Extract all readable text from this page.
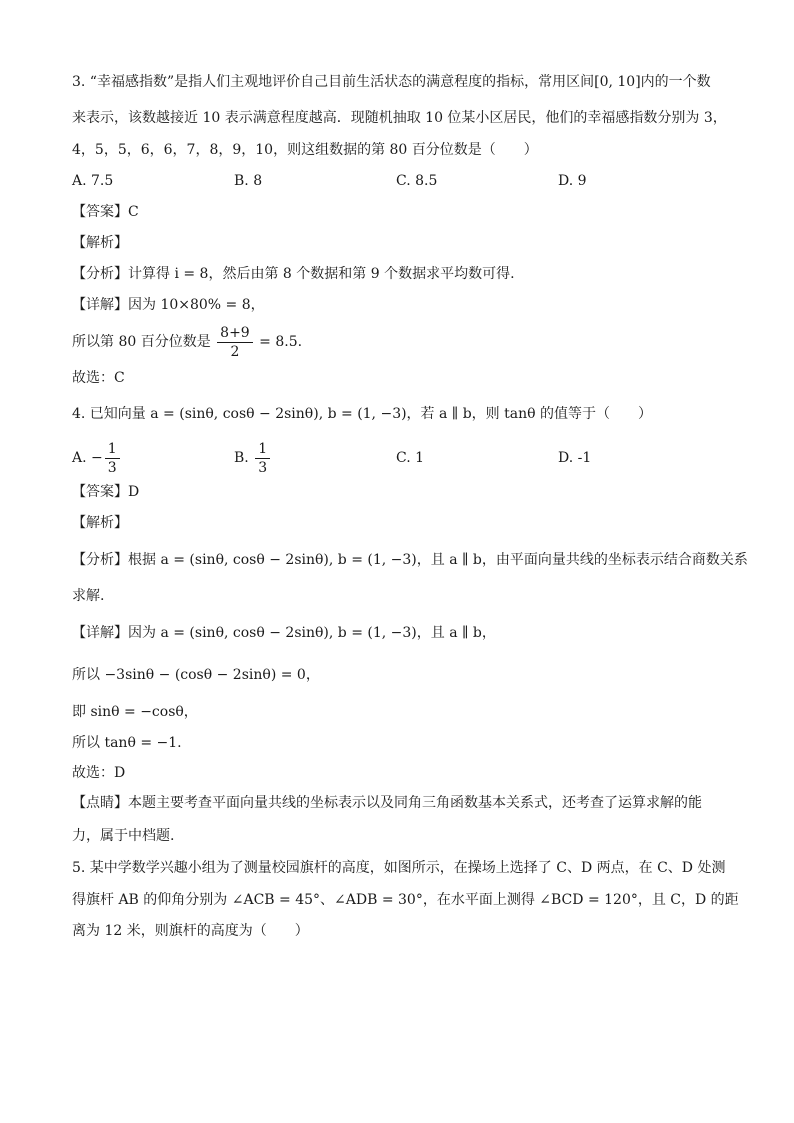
3. “幸福感指数”是指人们主观地评价自己目前生活状态的满意程度的指标，常用区间[0, 10]内的一个数
来表示，该数越接近 10 表示满意程度越高．现随机抽取 10 位某小区居民，他们的幸福感指数分别为 3，
4，5，5，6，6，7，8，9，10，则这组数据的第 80 百分位数是（　　）
A. 7.5	B. 8	C. 8.5	D. 9
【答案】C
【解析】
【分析】计算得 i = 8，然后由第 8 个数据和第 9 个数据求平均数可得.
【详解】因为 10×80% = 8，
所以第 80 百分位数是 $\frac{8+9}{2} = 8.5$.
故选：C
4. 已知向量 a = (sinθ, cosθ − 2sinθ), b = (1, −3)，若 a ∥ b，则 tanθ 的值等于（　　）
A. − $\frac{1}{3}$	B. $\frac{1}{3}$	C. 1	D. -1
【答案】D
【解析】
【分析】根据 a = (sinθ, cosθ − 2sinθ), b = (1, −3)，且 a ∥ b，由平面向量共线的坐标表示结合商数关系
求解.
【详解】因为 a = (sinθ, cosθ − 2sinθ), b = (1, −3)，且 a ∥ b，
所以 −3sinθ − (cosθ − 2sinθ) = 0，
即 sinθ = −cosθ，
所以 tanθ = −1.
故选：D
【点睛】本题主要考查平面向量共线的坐标表示以及同角三角函数基本关系式，还考查了运算求解的能
力，属于中档题.
5. 某中学数学兴趣小组为了测量校园旗杆的高度，如图所示，在操场上选择了 C、D 两点，在 C、D 处测
得旗杆 AB 的仰角分别为 ∠ACB = 45°、∠ADB = 30°，在水平面上测得 ∠BCD = 120°，且 C，D 的距
离为 12 米，则旗杆的高度为（　　）
